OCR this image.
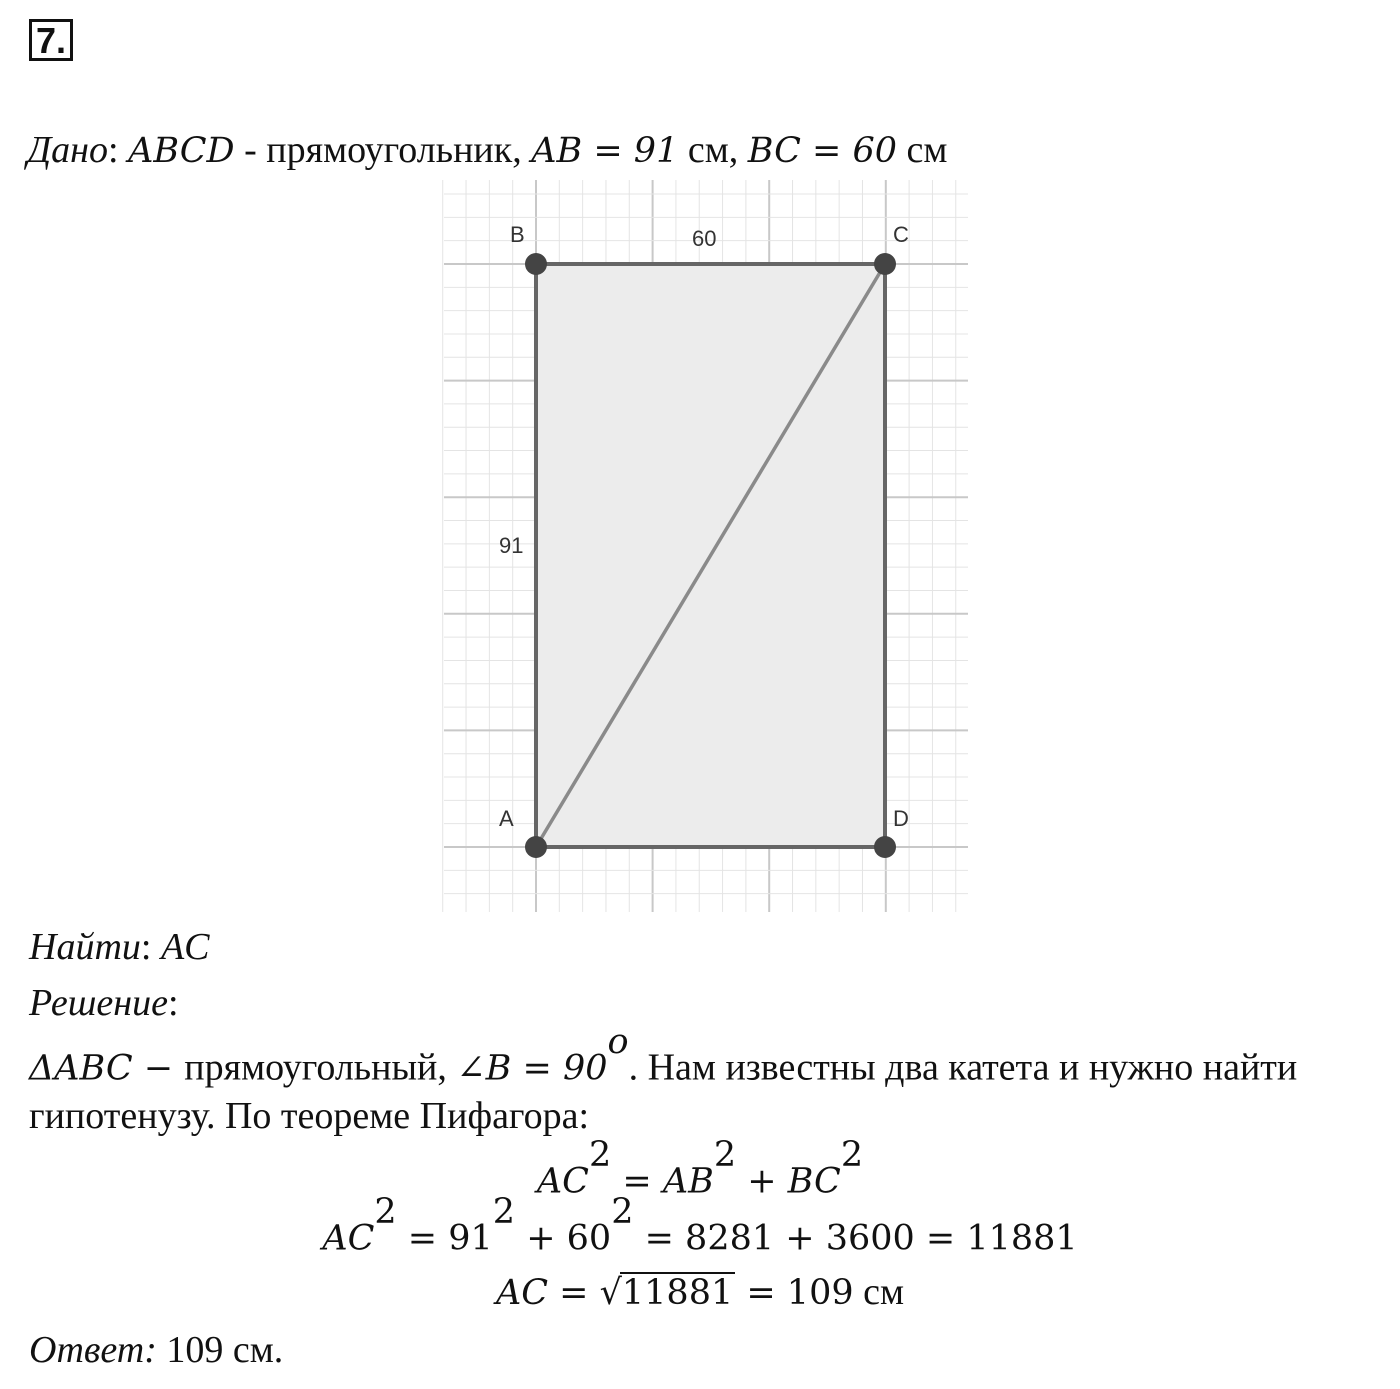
7.
Дано: ABCD - прямоугольник, AB = 91 см, BC = 60 см
B	C
A	D
60
91
Найти: AC
Решение:
ΔABC − прямоугольный, ∠B = $90^o$. Нам известны два катета и нужно найти
гипотенузу. По теореме Пифагора:
$AC^2 = AB^2 + BC^2$
$AC^2 = 91^2 + 60^2 = 8281 + 3600 = 11881$
AC = √11881 = 109 см
Ответ: 109 см.
